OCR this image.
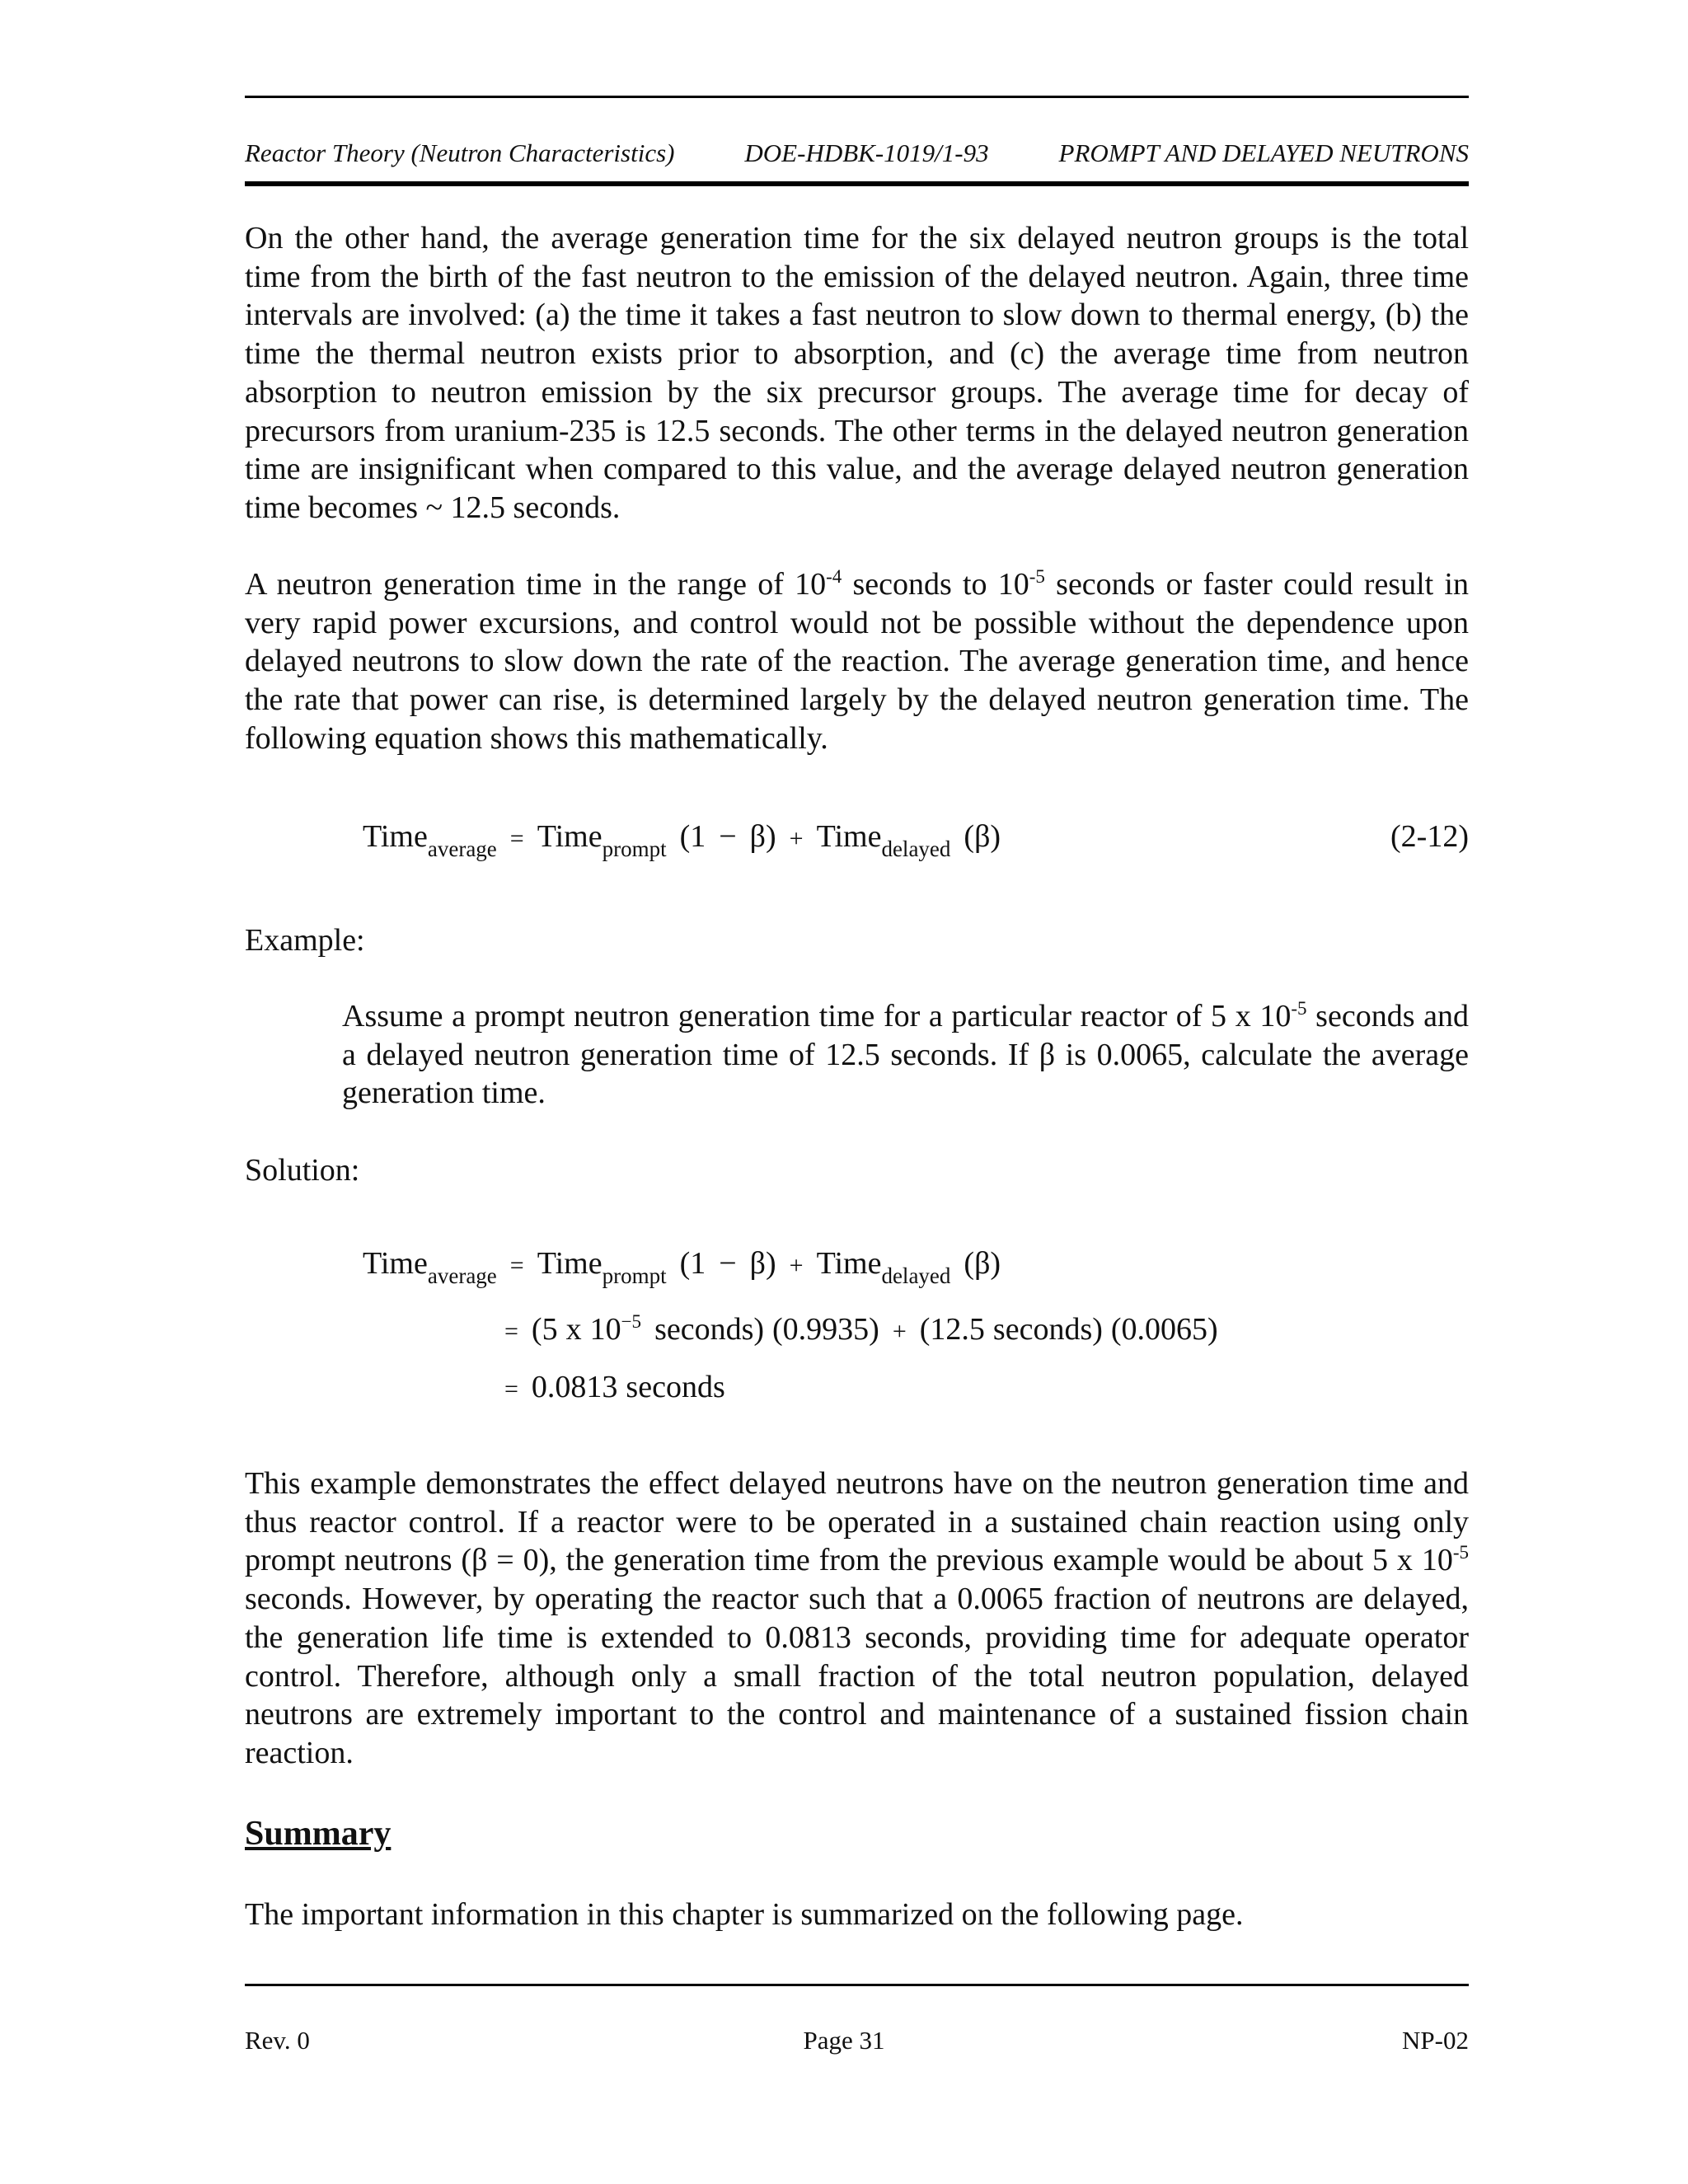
Reactor Theory (Neutron Characteristics)	DOE-HDBK-1019/1-93	PROMPT AND DELAYED NEUTRONS

On the other hand, the average generation time for the six delayed neutron groups is the total time from the birth of the fast neutron to the emission of the delayed neutron. Again, three time intervals are involved: (a) the time it takes a fast neutron to slow down to thermal energy, (b) the time the thermal neutron exists prior to absorption, and (c) the average time from neutron absorption to neutron emission by the six precursor groups. The average time for decay of precursors from uranium-235 is 12.5 seconds. The other terms in the delayed neutron generation time are insignificant when compared to this value, and the average delayed neutron generation time becomes ~ 12.5 seconds.

A neutron generation time in the range of $10^{-4}$ seconds to $10^{-5}$ seconds or faster could result in very rapid power excursions, and control would not be possible without the dependence upon delayed neutrons to slow down the rate of the reaction. The average generation time, and hence the rate that power can rise, is determined largely by the delayed neutron generation time. The following equation shows this mathematically.

Time$_{average}$ = Time$_{prompt}$ (1 − β) + Time$_{delayed}$ (β)	(2-12)
Example:

Assume a prompt neutron generation time for a particular reactor of 5 x $10^{-5}$ seconds and a delayed neutron generation time of 12.5 seconds. If β is 0.0065, calculate the average generation time.

Solution:
Time$_{average}$ = Time$_{prompt}$ (1 − β) + Time$_{delayed}$ (β)
= (5 x $10^{-5}$ seconds) (0.9935) + (12.5 seconds) (0.0065)
= 0.0813 seconds

This example demonstrates the effect delayed neutrons have on the neutron generation time and thus reactor control. If a reactor were to be operated in a sustained chain reaction using only prompt neutrons (β = 0), the generation time from the previous example would be about 5 x $10^{-5}$ seconds. However, by operating the reactor such that a 0.0065 fraction of neutrons are delayed, the generation life time is extended to 0.0813 seconds, providing time for adequate operator control. Therefore, although only a small fraction of the total neutron population, delayed neutrons are extremely important to the control and maintenance of a sustained fission chain reaction.

Summary

The important information in this chapter is summarized on the following page.

Rev. 0	Page 31	NP-02
